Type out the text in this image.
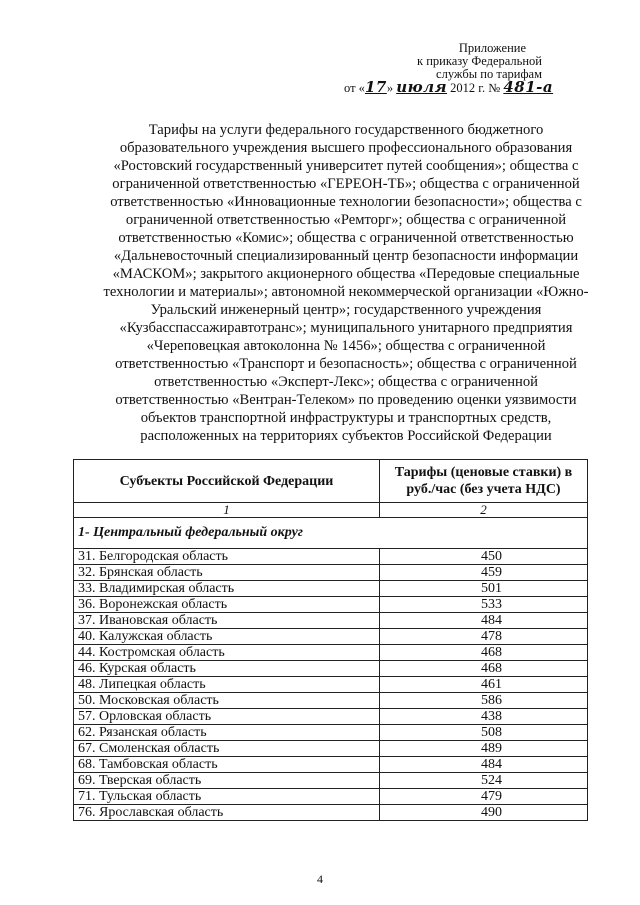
Приложение
к приказу Федеральной
службы по тарифам
от «17» июля 2012 г. № 481-а
Тарифы на услуги федерального государственного бюджетного
образовательного учреждения высшего профессионального образования
«Ростовский государственный университет путей сообщения»; общества с
ограниченной ответственностью «ГЕРЕОН-ТБ»; общества с ограниченной
ответственностью «Инновационные технологии безопасности»; общества с
ограниченной ответственностью «Ремторг»; общества с ограниченной
ответственностью «Комис»; общества с ограниченной ответственностью
«Дальневосточный специализированный центр безопасности информации
«МАСКОМ»; закрытого акционерного общества «Передовые специальные
технологии и материалы»; автономной некоммерческой организации «Южно-
Уральский инженерный центр»; государственного учреждения
«Кузбасспассажиравтотранс»; муниципального унитарного предприятия
«Череповецкая автоколонна № 1456»; общества с ограниченной
ответственностью «Транспорт и безопасность»; общества с ограниченной
ответственностью «Эксперт-Лекс»; общества с ограниченной
ответственностью «Вентран-Телеком» по проведению оценки уязвимости
объектов транспортной инфраструктуры и транспортных средств,
расположенных на территориях субъектов Российской Федерации
Субъекты Российской Федерации	Тарифы (ценовые ставки) в
руб./час (без учета НДС)
1	2
1- Центральный федеральный округ	
31. Белгородская область	450
32. Брянская область	459
33. Владимирская область	501
36. Воронежская область	533
37. Ивановская область	484
40. Калужская область	478
44. Костромская область	468
46. Курская область	468
48. Липецкая область	461
50. Московская область	586
57. Орловская область	438
62. Рязанская область	508
67. Смоленская область	489
68. Тамбовская область	484
69. Тверская область	524
71. Тульская область	479
76. Ярославская область	490
4
